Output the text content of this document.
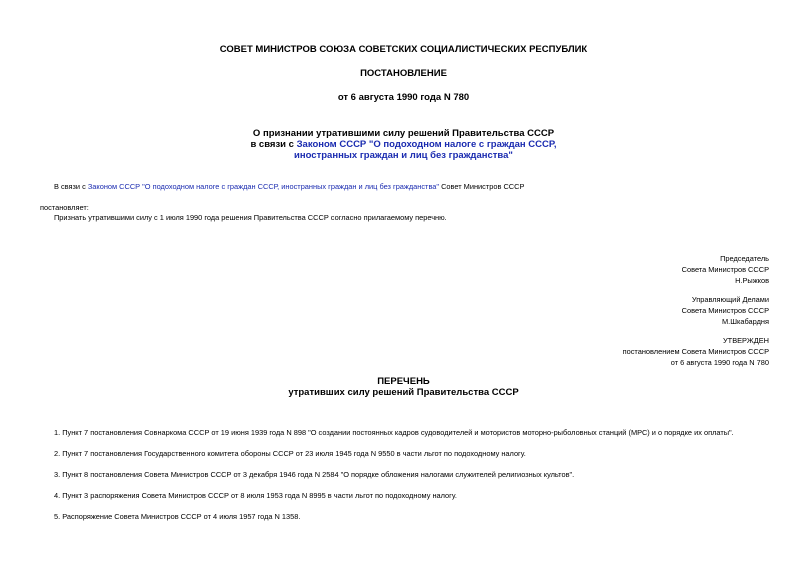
СОВЕТ МИНИСТРОВ СОЮЗА СОВЕТСКИХ СОЦИАЛИСТИЧЕСКИХ РЕСПУБЛИК
ПОСТАНОВЛЕНИЕ
от 6 августа 1990 года N 780
О признании утратившими силу решений Правительства СССР
в связи с Законом СССР "О подоходном налоге с граждан СССР,
иностранных граждан и лиц без гражданства"
В связи с Законом СССР "О подоходном налоге с граждан СССР, иностранных граждан и лиц без гражданства" Совет Министров СССР
постановляет:
Признать утратившими силу с 1 июля 1990 года решения Правительства СССР согласно прилагаемому перечню.
Председатель
Совета Министров СССР
Н.Рыжков
Управляющий Делами
Совета Министров СССР
М.Шкабардня
УТВЕРЖДЕН
постановлением Совета Министров СССР
от 6 августа 1990 года N 780
ПЕРЕЧЕНЬ
утративших силу решений Правительства СССР
1. Пункт 7 постановления Совнаркома СССР от 19 июня 1939 года N 898 "О создании постоянных кадров судоводителей и мотористов моторно-рыболовных станций (МРС) и о порядке их оплаты".
2. Пункт 7 постановления Государственного комитета обороны СССР от 23 июля 1945 года N 9550 в части льгот по подоходному налогу.
3. Пункт 8 постановления Совета Министров СССР от 3 декабря 1946 года N 2584 "О порядке обложения налогами служителей религиозных культов".
4. Пункт 3 распоряжения Совета Министров СССР от 8 июля 1953 года N 8995 в части льгот по подоходному налогу.
5. Распоряжение Совета Министров СССР от 4 июля 1957 года N 1358.
